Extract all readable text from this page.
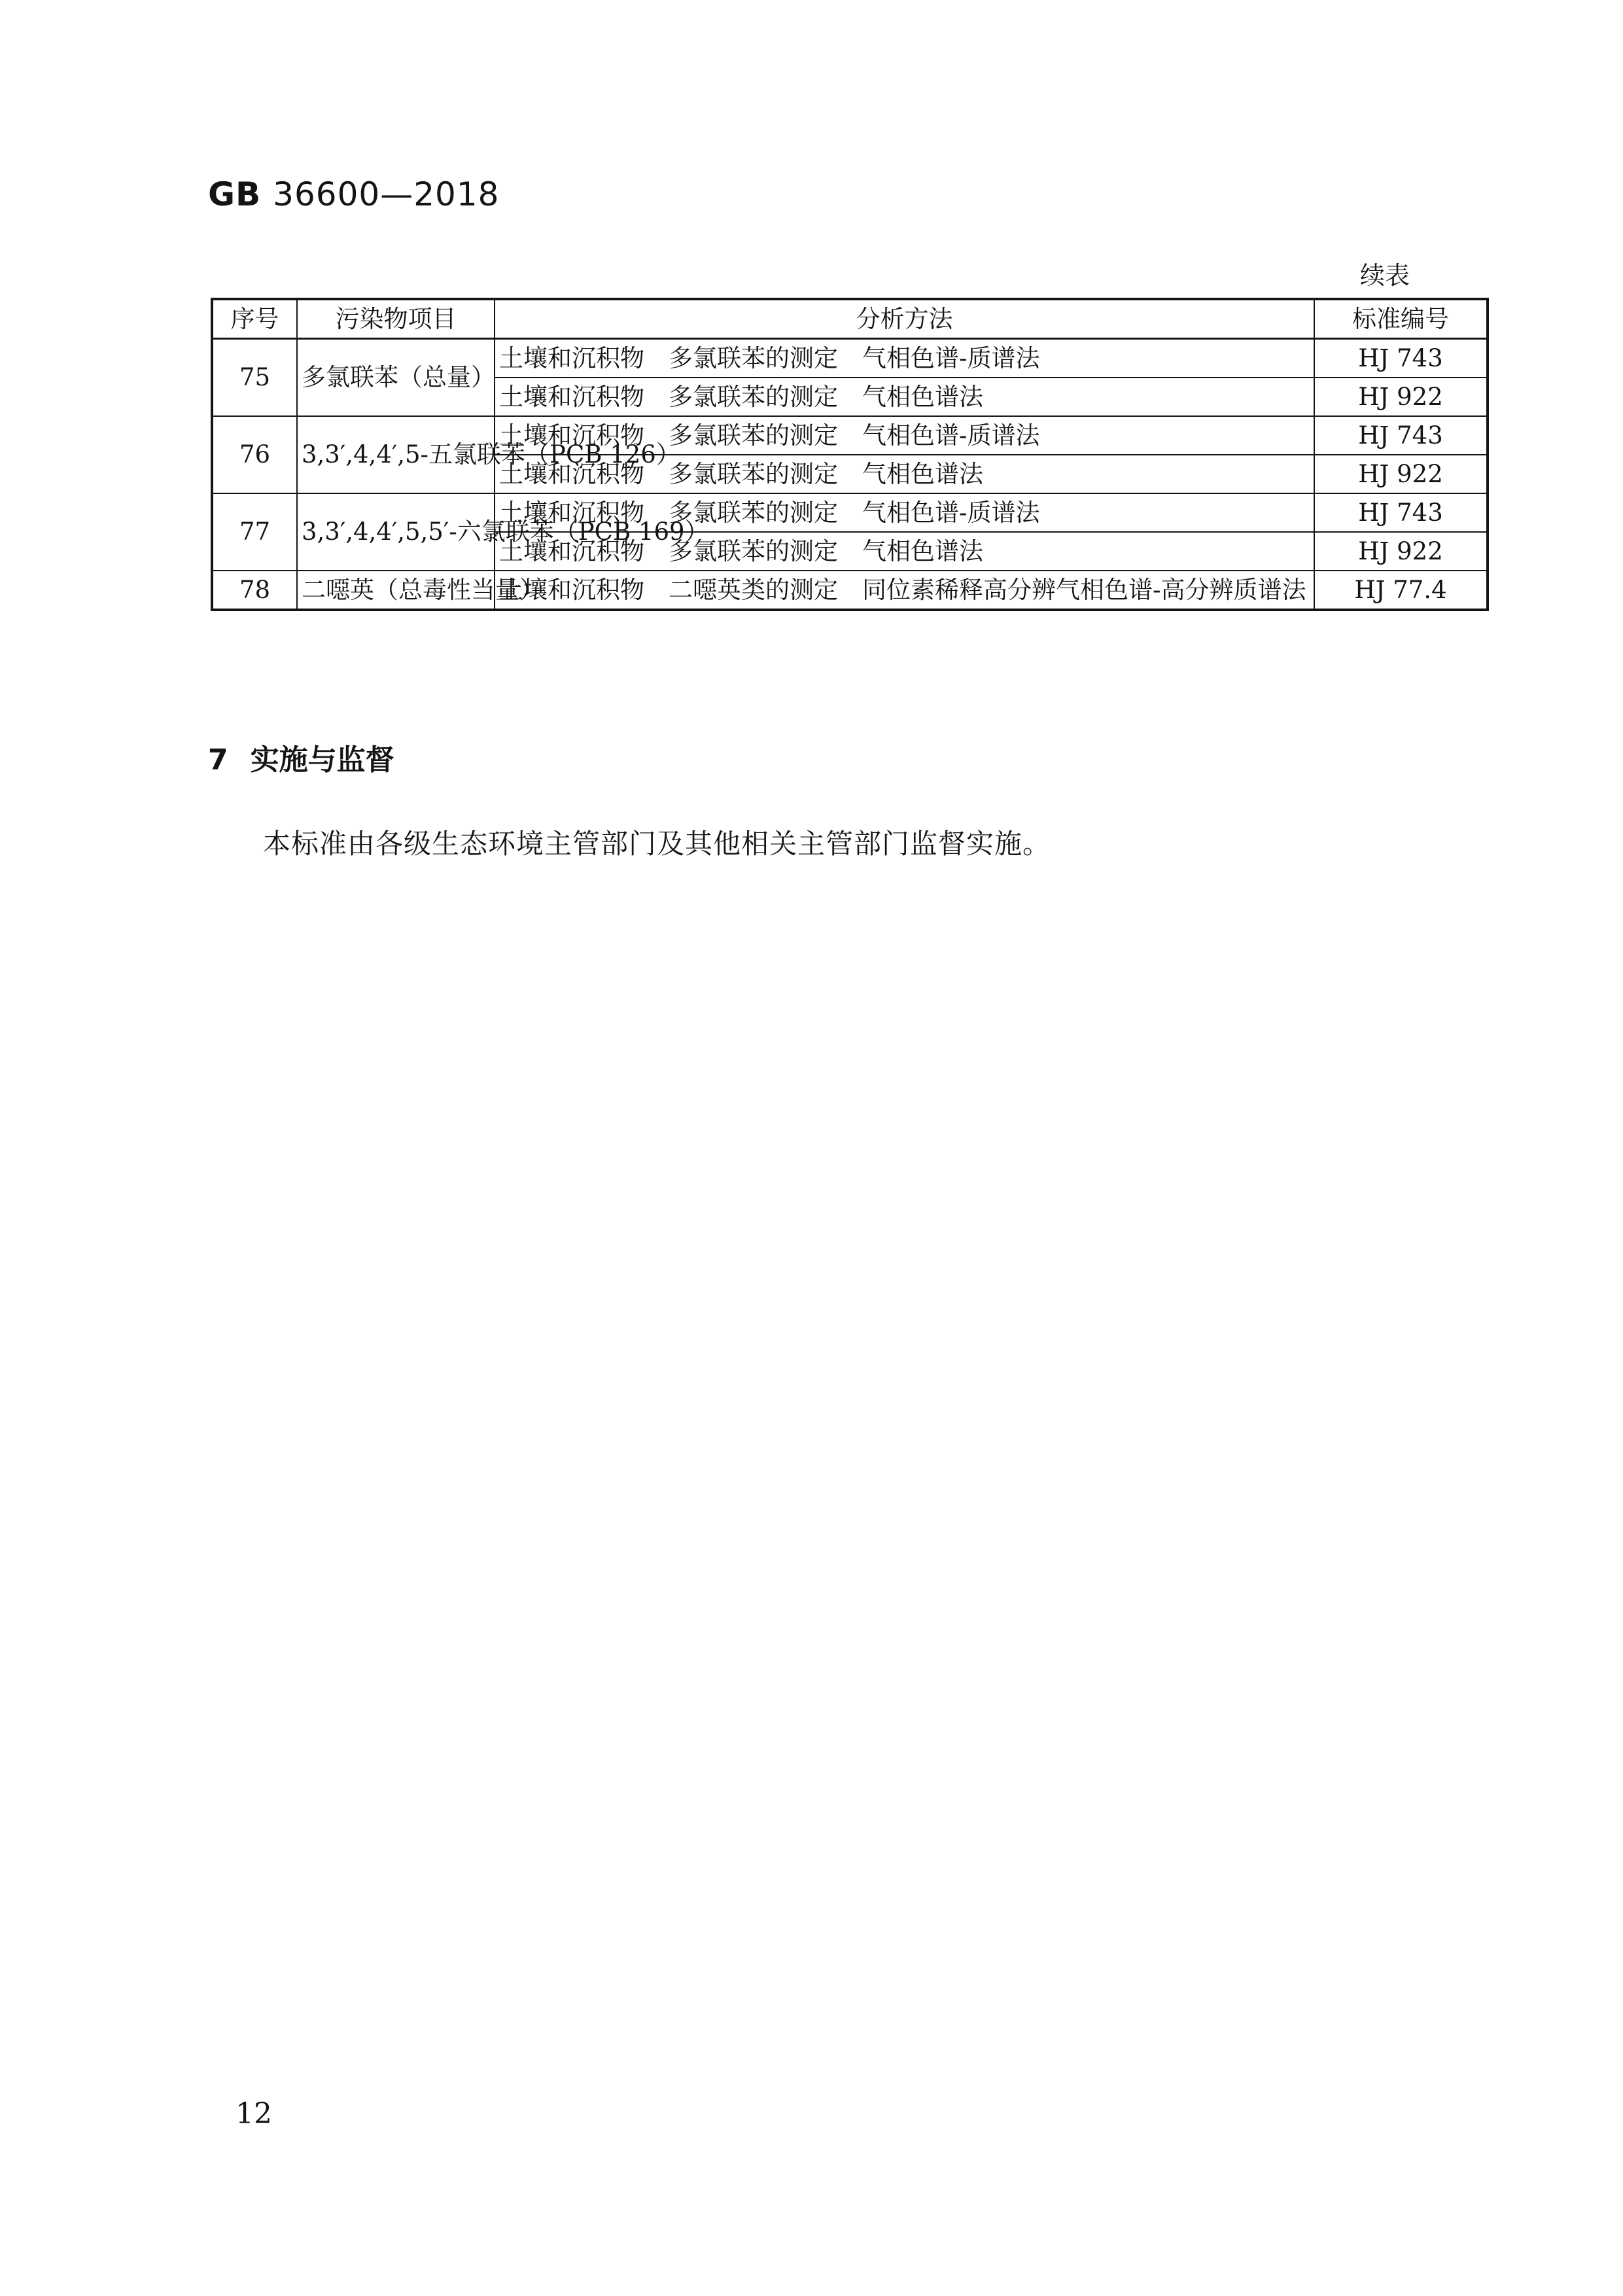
GB 36600—2018
续表
序号	污染物项目	分析方法	标准编号
75	多氯联苯（总量）	土壤和沉积物　多氯联苯的测定　气相色谱-质谱法	HJ 743
		土壤和沉积物　多氯联苯的测定　气相色谱法	HJ 922
76	3,3′,4,4′,5-五氯联苯（PCB 126）	土壤和沉积物　多氯联苯的测定　气相色谱-质谱法	HJ 743
		土壤和沉积物　多氯联苯的测定　气相色谱法	HJ 922
77	3,3′,4,4′,5,5′-六氯联苯（PCB 169）	土壤和沉积物　多氯联苯的测定　气相色谱-质谱法	HJ 743
		土壤和沉积物　多氯联苯的测定　气相色谱法	HJ 922
78	二噁英（总毒性当量）	土壤和沉积物　二噁英类的测定　同位素稀释高分辨气相色谱-高分辨质谱法	HJ 77.4
7 实施与监督
本标准由各级生态环境主管部门及其他相关主管部门监督实施。
12
